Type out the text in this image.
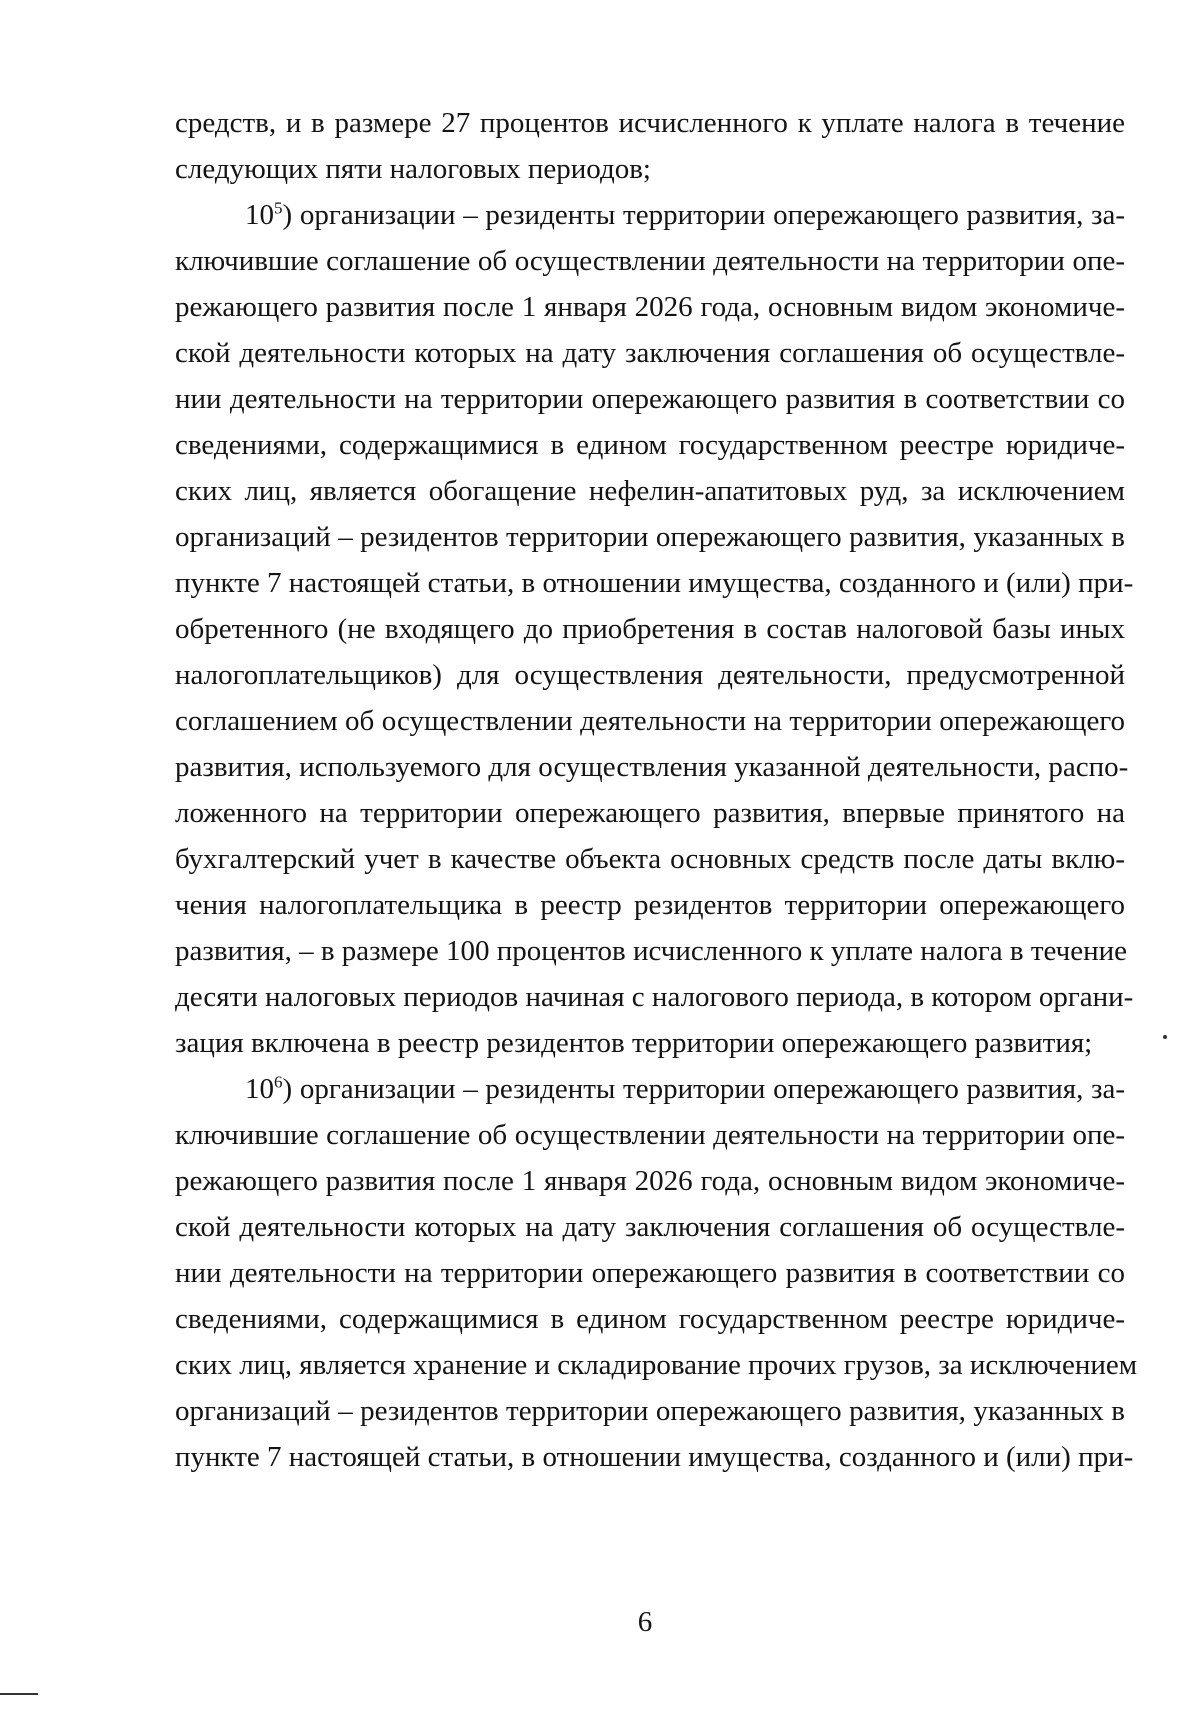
средств, и в размере 27 процентов исчисленного к уплате налога в течение
следующих пяти налоговых периодов;
$10^5$) организации – резиденты территории опережающего развития, за-
ключившие соглашение об осуществлении деятельности на территории опе-
режающего развития после 1 января 2026 года, основным видом экономиче-
ской деятельности которых на дату заключения соглашения об осуществле-
нии деятельности на территории опережающего развития в соответствии со
сведениями, содержащимися в едином государственном реестре юридиче-
ских лиц, является обогащение нефелин-апатитовых руд, за исключением
организаций – резидентов территории опережающего развития, указанных в
пункте 7 настоящей статьи, в отношении имущества, созданного и (или) при-
обретенного (не входящего до приобретения в состав налоговой базы иных
налогоплательщиков) для осуществления деятельности, предусмотренной
соглашением об осуществлении деятельности на территории опережающего
развития, используемого для осуществления указанной деятельности, распо-
ложенного на территории опережающего развития, впервые принятого на
бухгалтерский учет в качестве объекта основных средств после даты вклю-
чения налогоплательщика в реестр резидентов территории опережающего
развития, – в размере 100 процентов исчисленного к уплате налога в течение
десяти налоговых периодов начиная с налогового периода, в котором органи-
зация включена в реестр резидентов территории опережающего развития;
$10^6$) организации – резиденты территории опережающего развития, за-
ключившие соглашение об осуществлении деятельности на территории опе-
режающего развития после 1 января 2026 года, основным видом экономиче-
ской деятельности которых на дату заключения соглашения об осуществле-
нии деятельности на территории опережающего развития в соответствии со
сведениями, содержащимися в едином государственном реестре юридиче-
ских лиц, является хранение и складирование прочих грузов, за исключением
организаций – резидентов территории опережающего развития, указанных в
пункте 7 настоящей статьи, в отношении имущества, созданного и (или) при-
6
